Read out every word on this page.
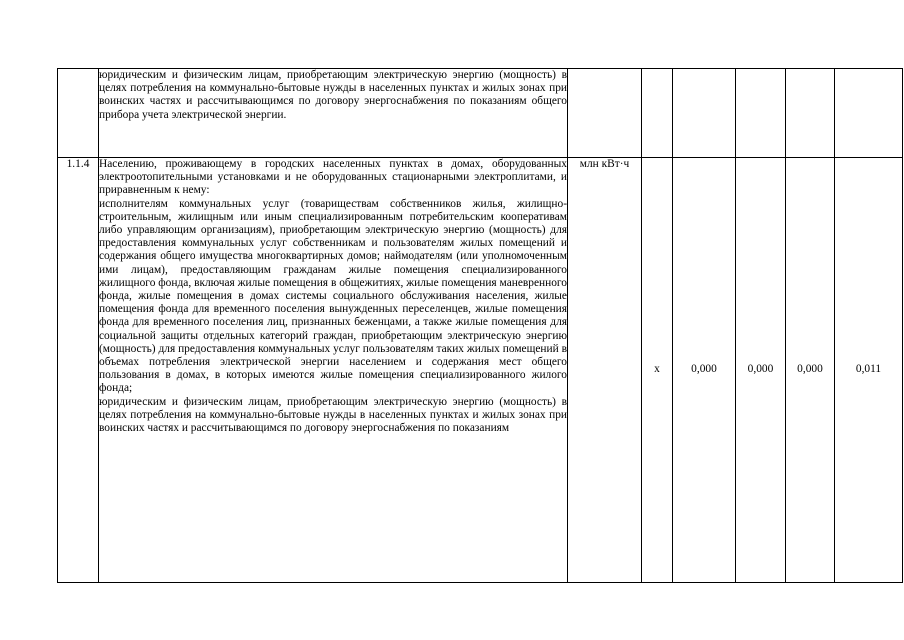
	юридическим и физическим лицам, приобретающим электрическую энергию (мощность) в целях потребления на коммунально-бытовые нужды в населенных пунктах и жилых зонах при воинских частях и рассчитывающимся по договору энергоснабжения по показаниям общего прибора учета электрической энергии.						

1.1.4	Населению, проживающему в городских населенных пунктах в домах, оборудованных электроотопительными установками и не оборудованных стационарными электроплитами, и приравненным к нему:
исполнителям коммунальных услуг (товариществам собственников жилья, жилищно-строительным, жилищным или иным специализированным потребительским кооперативам либо управляющим организациям), приобретающим электрическую энергию (мощность) для предоставления коммунальных услуг собственникам и пользователям жилых помещений и содержания общего имущества многоквартирных домов; наймодателям (или уполномоченным ими лицам), предоставляющим гражданам жилые помещения специализированного жилищного фонда, включая жилые помещения в общежитиях, жилые помещения маневренного фонда, жилые помещения в домах системы социального обслуживания населения, жилые помещения фонда для временного поселения вынужденных переселенцев, жилые помещения фонда для временного поселения лиц, признанных беженцами, а также жилые помещения для социальной защиты отдельных категорий граждан, приобретающим электрическую энергию (мощность) для предоставления коммунальных услуг пользователям таких жилых помещений в объемах потребления электрической энергии населением и содержания мест общего пользования в домах, в которых имеются жилые помещения специализированного жилого фонда;
юридическим и физическим лицам, приобретающим электрическую энергию (мощность) в целях потребления на коммунально-бытовые нужды в населенных пунктах и жилых зонах при воинских частях и рассчитывающимся по договору энергоснабжения по показаниям	млн кВт·ч	х	0,000	0,000	0,000	0,011
